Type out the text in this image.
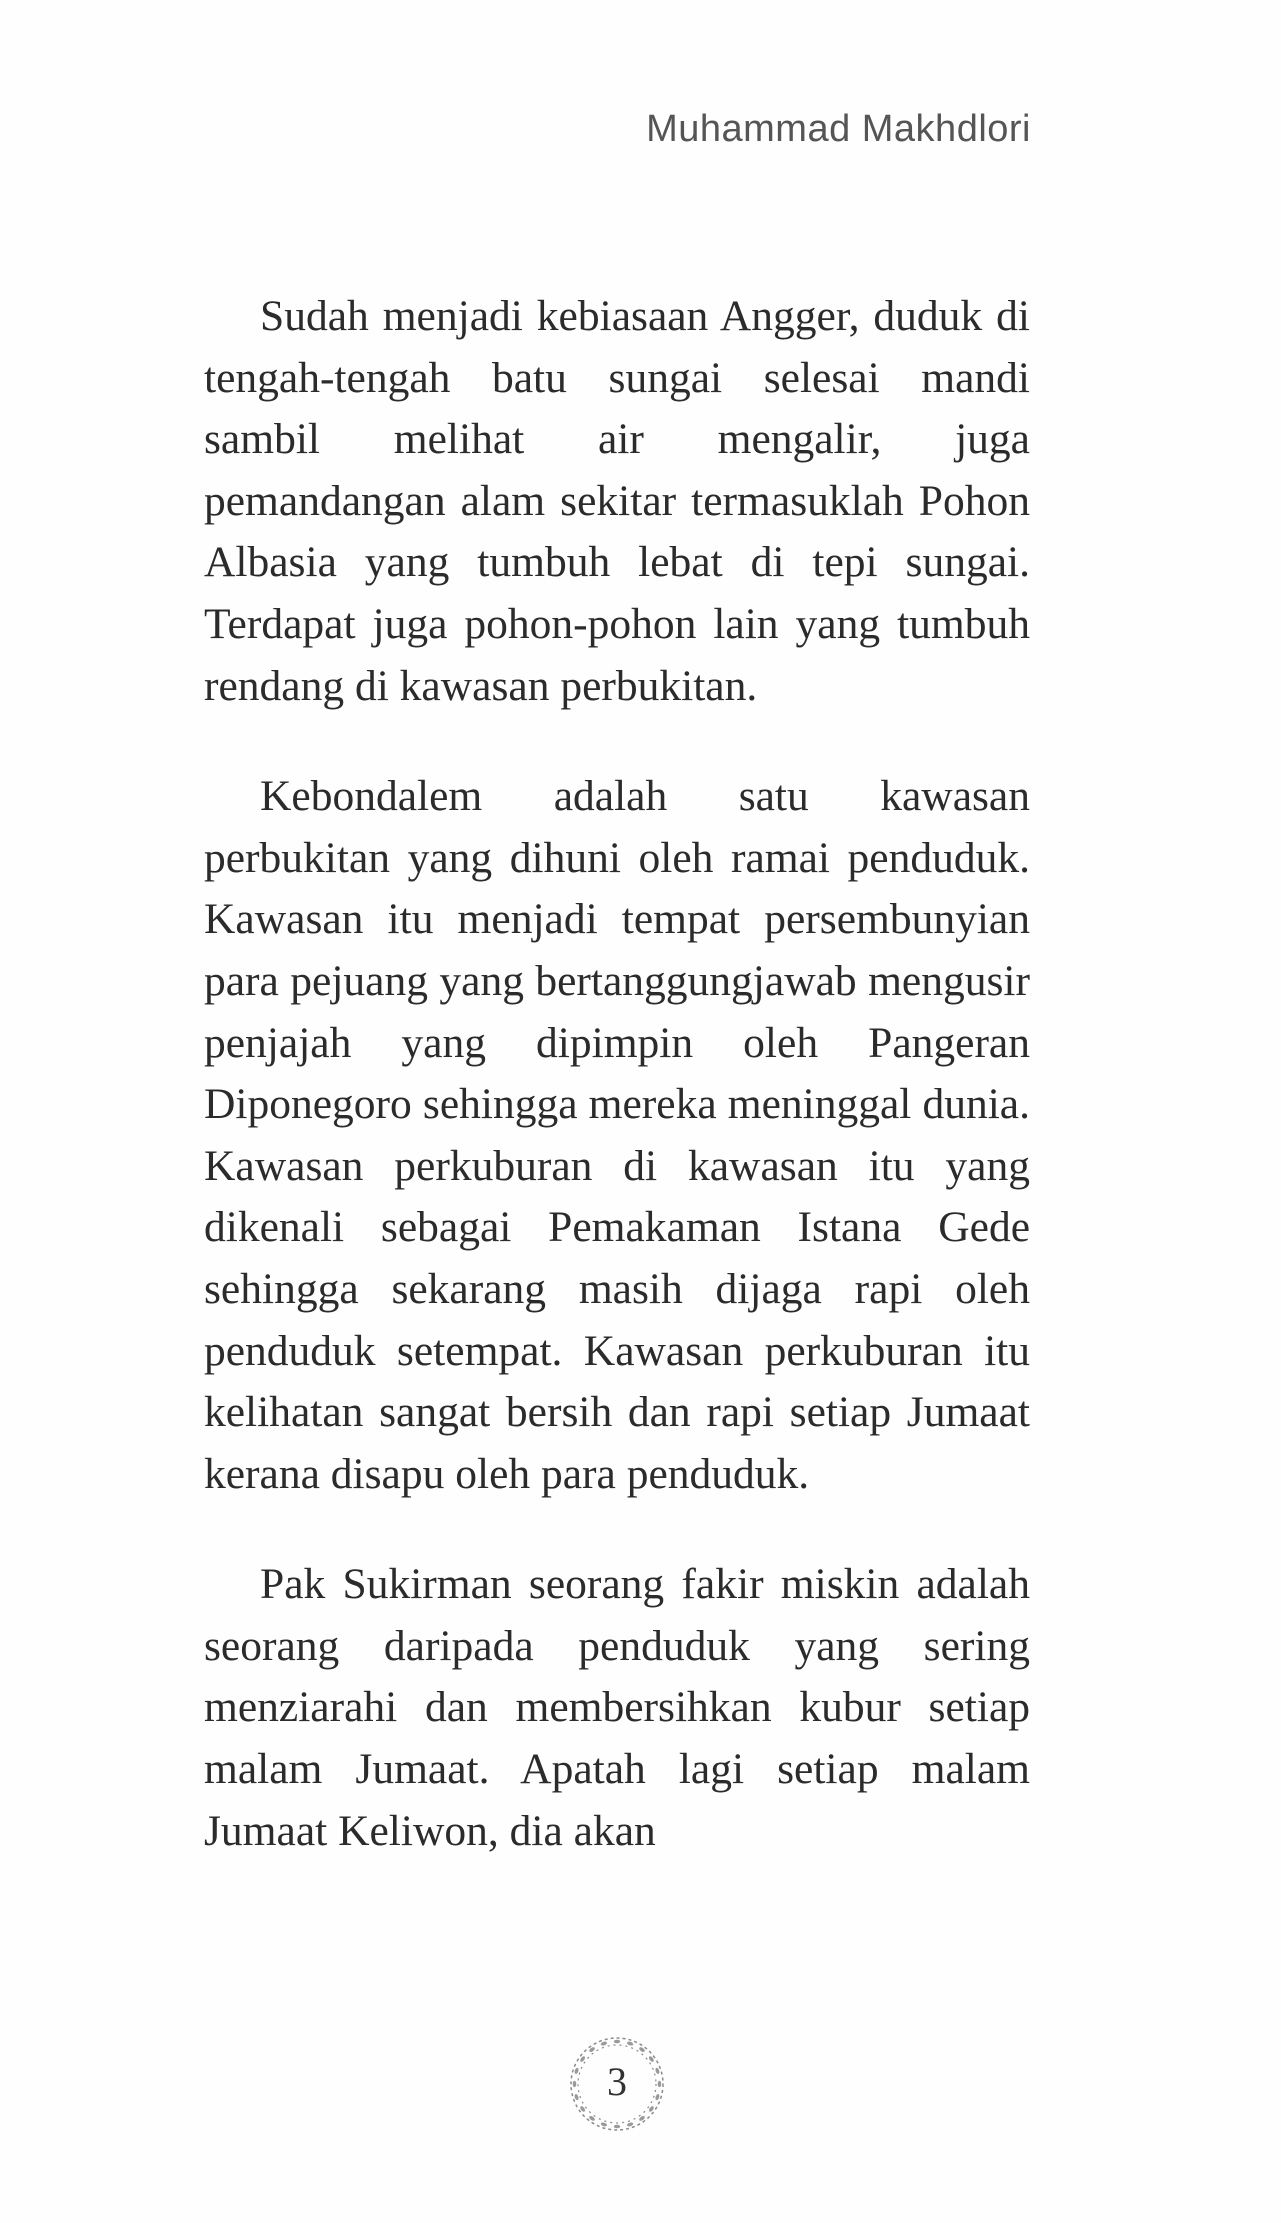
Muhammad Makhdlori

Sudah menjadi kebiasaan Angger, duduk di tengah-tengah batu sungai selesai mandi sambil melihat air mengalir, juga pemandangan alam sekitar termasuklah Pohon Albasia yang tumbuh lebat di tepi sungai. Terdapat juga pohon-pohon lain yang tumbuh rendang di kawasan perbukitan.

Kebondalem adalah satu kawasan perbukitan yang dihuni oleh ramai penduduk. Kawasan itu menjadi tempat persembunyian para pejuang yang bertanggungjawab mengusir penjajah yang dipimpin oleh Pangeran Diponegoro sehingga mereka meninggal dunia. Kawasan perkuburan di kawasan itu yang dikenali sebagai Pemakaman Istana Gede sehingga sekarang masih dijaga rapi oleh penduduk setempat. Kawasan perkuburan itu kelihatan sangat bersih dan rapi setiap Jumaat kerana disapu oleh para penduduk.

Pak Sukirman seorang fakir miskin adalah seorang daripada penduduk yang sering menziarahi dan membersihkan kubur setiap malam Jumaat. Apatah lagi setiap malam Jumaat Keliwon, dia akan

3
